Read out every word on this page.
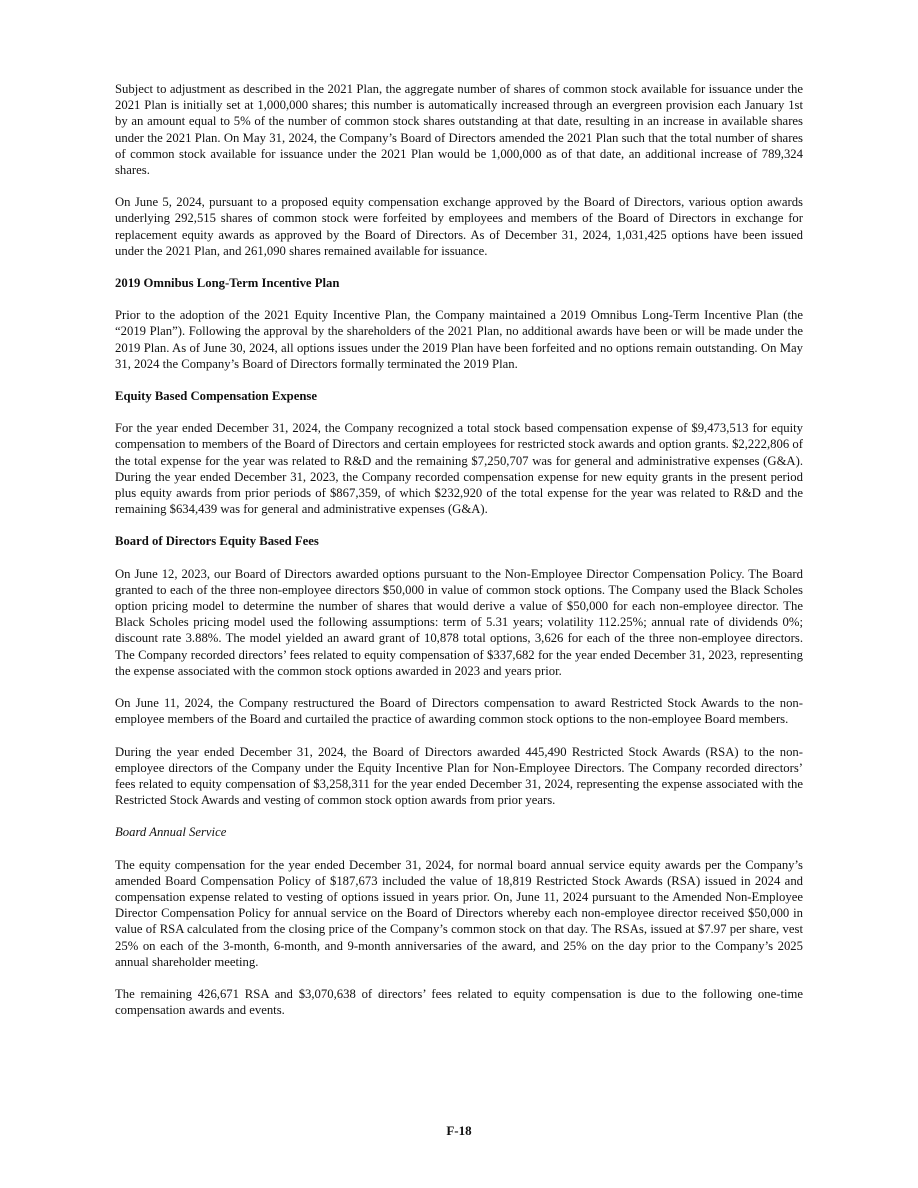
Subject to adjustment as described in the 2021 Plan, the aggregate number of shares of common stock available for issuance under the 2021 Plan is initially set at 1,000,000 shares; this number is automatically increased through an evergreen provision each January 1st by an amount equal to 5% of the number of common stock shares outstanding at that date, resulting in an increase in available shares under the 2021 Plan. On May 31, 2024, the Company’s Board of Directors amended the 2021 Plan such that the total number of shares of common stock available for issuance under the 2021 Plan would be 1,000,000 as of that date, an additional increase of 789,324 shares.

On June 5, 2024, pursuant to a proposed equity compensation exchange approved by the Board of Directors, various option awards underlying 292,515 shares of common stock were forfeited by employees and members of the Board of Directors in exchange for replacement equity awards as approved by the Board of Directors. As of December 31, 2024, 1,031,425 options have been issued under the 2021 Plan, and 261,090 shares remained available for issuance.

2019 Omnibus Long-Term Incentive Plan

Prior to the adoption of the 2021 Equity Incentive Plan, the Company maintained a 2019 Omnibus Long-Term Incentive Plan (the “2019 Plan”). Following the approval by the shareholders of the 2021 Plan, no additional awards have been or will be made under the 2019 Plan. As of June 30, 2024, all options issues under the 2019 Plan have been forfeited and no options remain outstanding. On May 31, 2024 the Company’s Board of Directors formally terminated the 2019 Plan.

Equity Based Compensation Expense

For the year ended December 31, 2024, the Company recognized a total stock based compensation expense of $9,473,513 for equity compensation to members of the Board of Directors and certain employees for restricted stock awards and option grants. $2,222,806 of the total expense for the year was related to R&D and the remaining $7,250,707 was for general and administrative expenses (G&A). During the year ended December 31, 2023, the Company recorded compensation expense for new equity grants in the present period plus equity awards from prior periods of $867,359, of which $232,920 of the total expense for the year was related to R&D and the remaining $634,439 was for general and administrative expenses (G&A).

Board of Directors Equity Based Fees

On June 12, 2023, our Board of Directors awarded options pursuant to the Non-Employee Director Compensation Policy. The Board granted to each of the three non-employee directors $50,000 in value of common stock options. The Company used the Black Scholes option pricing model to determine the number of shares that would derive a value of $50,000 for each non-employee director. The Black Scholes pricing model used the following assumptions: term of 5.31 years; volatility 112.25%; annual rate of dividends 0%; discount rate 3.88%. The model yielded an award grant of 10,878 total options, 3,626 for each of the three non-employee directors. The Company recorded directors’ fees related to equity compensation of $337,682 for the year ended December 31, 2023, representing the expense associated with the common stock options awarded in 2023 and years prior.

On June 11, 2024, the Company restructured the Board of Directors compensation to award Restricted Stock Awards to the non-employee members of the Board and curtailed the practice of awarding common stock options to the non-employee Board members.

During the year ended December 31, 2024, the Board of Directors awarded 445,490 Restricted Stock Awards (RSA) to the non-employee directors of the Company under the Equity Incentive Plan for Non-Employee Directors. The Company recorded directors’ fees related to equity compensation of $3,258,311 for the year ended December 31, 2024, representing the expense associated with the Restricted Stock Awards and vesting of common stock option awards from prior years.

Board Annual Service

The equity compensation for the year ended December 31, 2024, for normal board annual service equity awards per the Company’s amended Board Compensation Policy of $187,673 included the value of 18,819 Restricted Stock Awards (RSA) issued in 2024 and compensation expense related to vesting of options issued in years prior. On, June 11, 2024 pursuant to the Amended Non-Employee Director Compensation Policy for annual service on the Board of Directors whereby each non-employee director received $50,000 in value of RSA calculated from the closing price of the Company’s common stock on that day. The RSAs, issued at $7.97 per share, vest 25% on each of the 3-month, 6-month, and 9-month anniversaries of the award, and 25% on the day prior to the Company’s 2025 annual shareholder meeting.

The remaining 426,671 RSA and $3,070,638 of directors’ fees related to equity compensation is due to the following one-time compensation awards and events.

F-18
